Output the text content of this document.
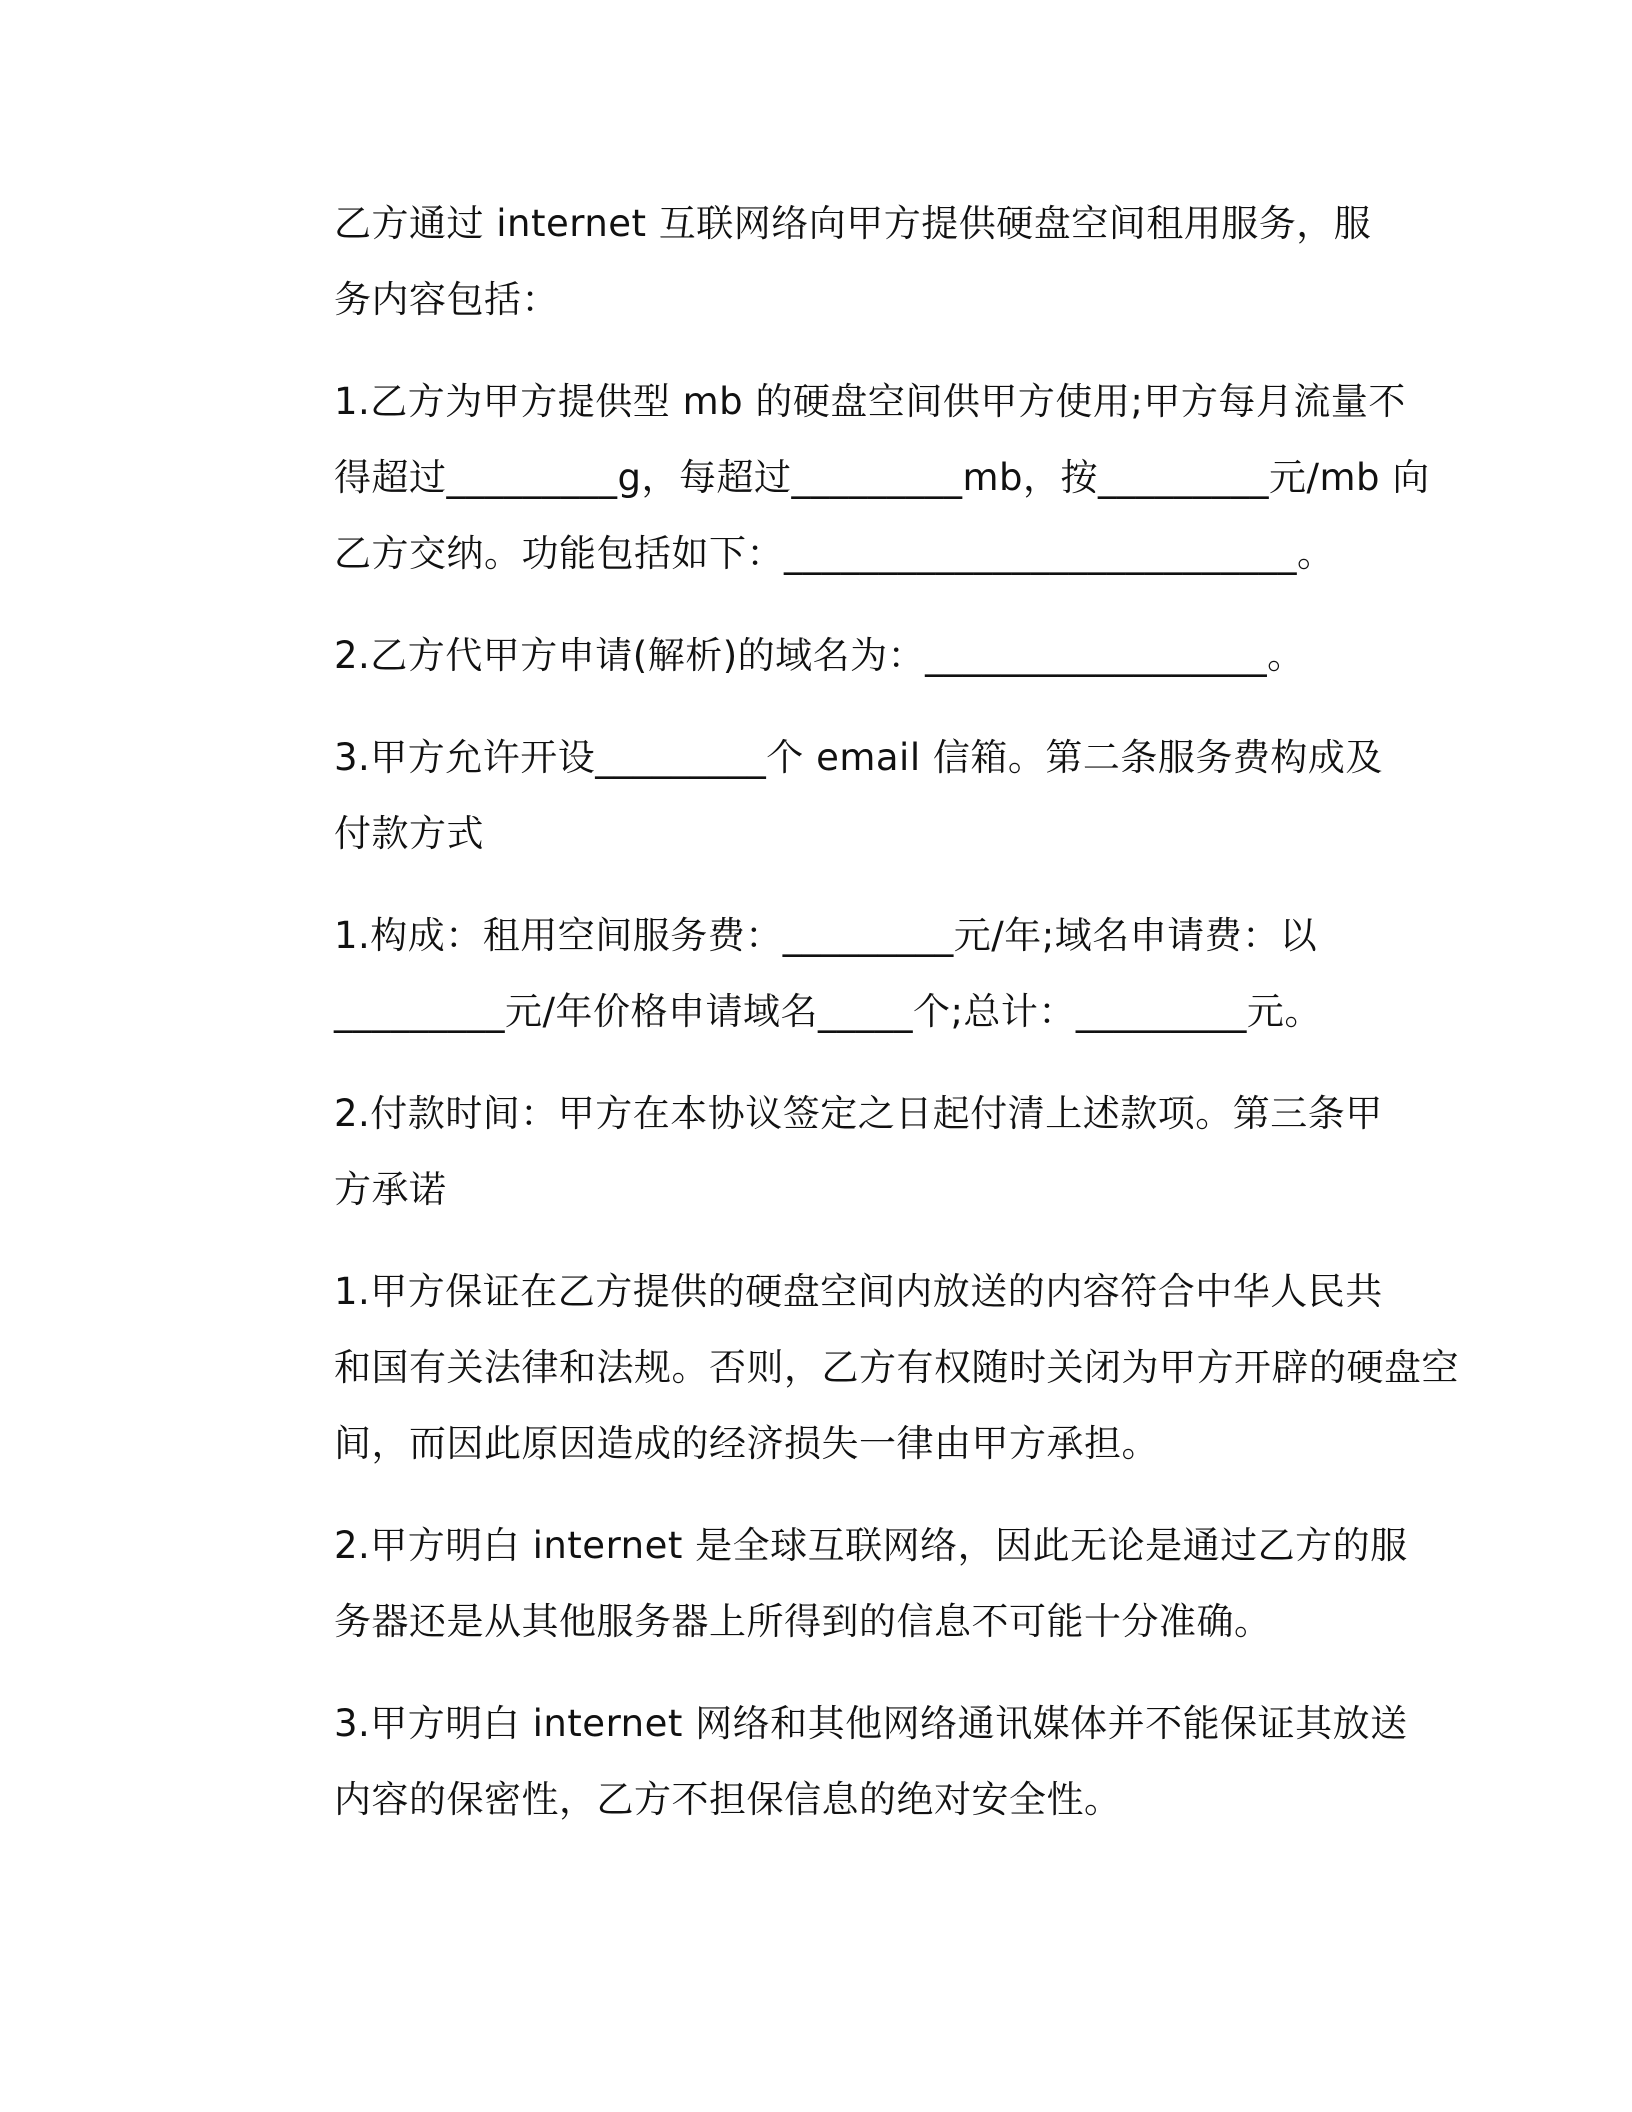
乙方通过 internet 互联网络向甲方提供硬盘空间租用服务，服
务内容包括：
1.乙方为甲方提供型 mb 的硬盘空间供甲方使用;甲方每月流量不
得超过_________g，每超过_________mb，按_________元/mb 向
乙方交纳。功能包括如下：___________________________。
2.乙方代甲方申请(解析)的域名为：__________________。
3.甲方允许开设_________个 email 信箱。第二条服务费构成及
付款方式
1.构成：租用空间服务费：_________元/年;域名申请费：以
_________元/年价格申请域名_____个;总计：_________元。
2.付款时间：甲方在本协议签定之日起付清上述款项。第三条甲
方承诺
1.甲方保证在乙方提供的硬盘空间内放送的内容符合中华人民共
和国有关法律和法规。否则，乙方有权随时关闭为甲方开辟的硬盘空
间，而因此原因造成的经济损失一律由甲方承担。
2.甲方明白 internet 是全球互联网络，因此无论是通过乙方的服
务器还是从其他服务器上所得到的信息不可能十分准确。
3.甲方明白 internet 网络和其他网络通讯媒体并不能保证其放送
内容的保密性，乙方不担保信息的绝对安全性。
